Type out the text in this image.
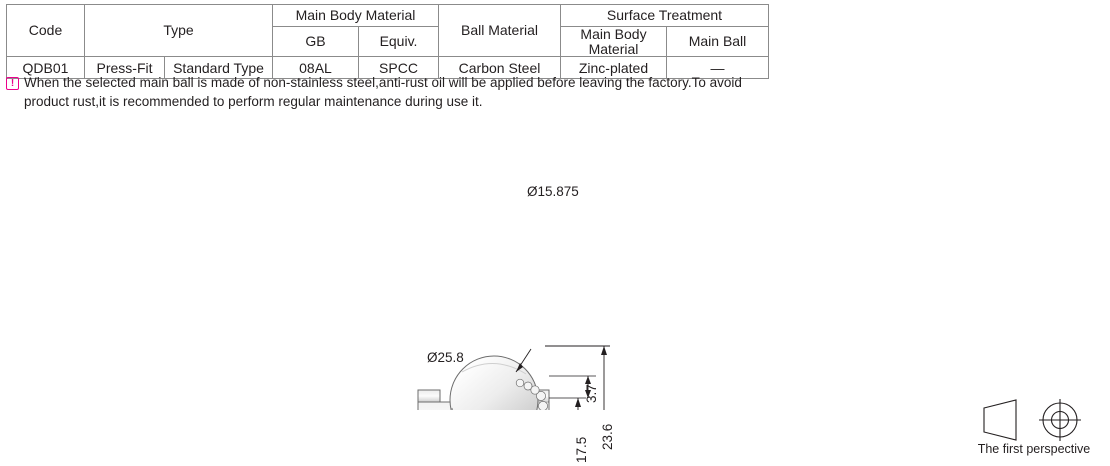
Code	Type		Main Body Material		Ball Material	Surface Treatment	
			GB	Equiv.		Main Body Material	Main Ball
QDB01	Press-Fit	Standard Type	08AL	SPCC	Carbon Steel	Zinc-plated	—
! When the selected main ball is made of non-stainless steel,anti-rust oil will be applied before leaving the factory.To avoid product rust,it is recommended to perform regular maintenance during use it.
Ø15.875
Ø25.8
23.6
17.5
3.7
The first perspective
